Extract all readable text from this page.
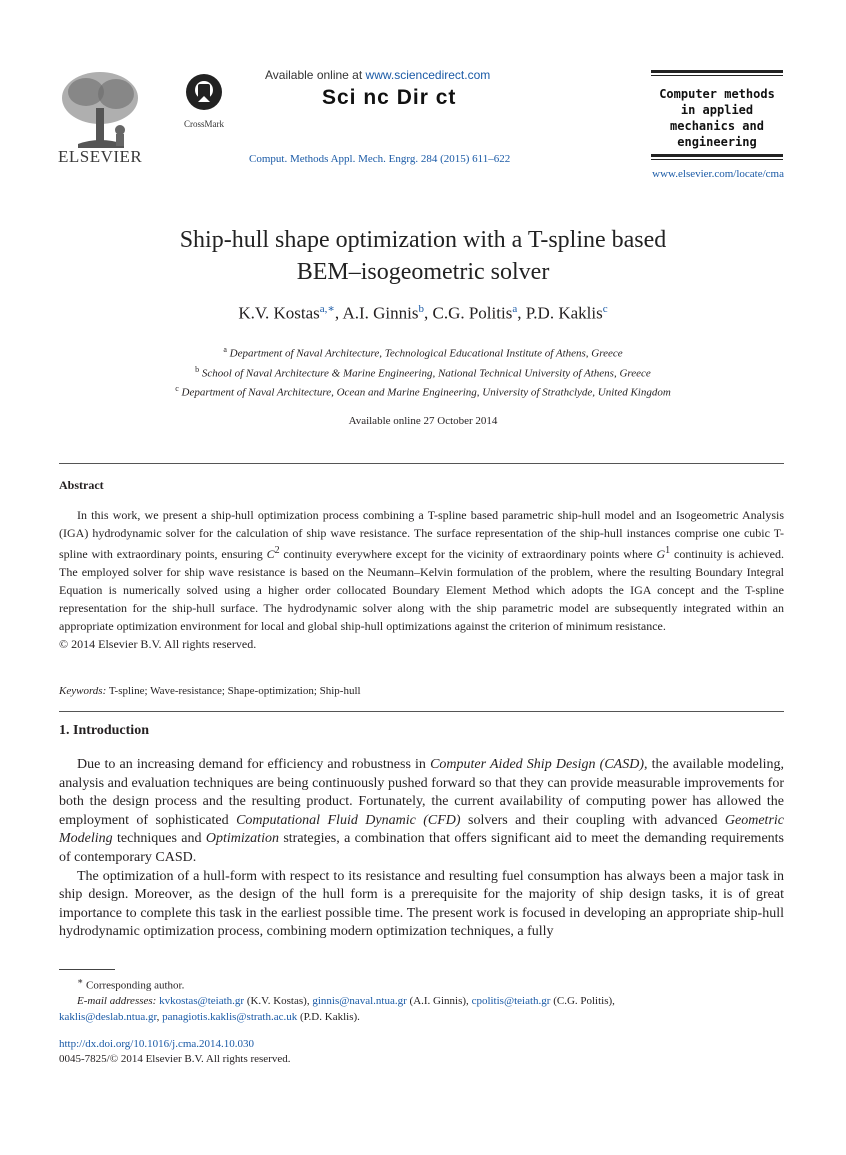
ELSEVIER
CrossMark
Available online at www.sciencedirect.com
Sci nc Dir ct
Comput. Methods Appl. Mech. Engrg. 284 (2015) 611–622
Computer methods
in applied
mechanics and
engineering
www.elsevier.com/locate/cma
Ship-hull shape optimization with a T-spline based
BEM–isogeometric solver
K.V. Kostas$^{a,∗}$, A.I. Ginnis$^b$, C.G. Politis$^a$, P.D. Kaklis$^c$
$^a$ Department of Naval Architecture, Technological Educational Institute of Athens, Greece
$^b$ School of Naval Architecture & Marine Engineering, National Technical University of Athens, Greece
$^c$ Department of Naval Architecture, Ocean and Marine Engineering, University of Strathclyde, United Kingdom
Available online 27 October 2014
Abstract

In this work, we present a ship-hull optimization process combining a T-spline based parametric ship-hull model and an Isogeometric Analysis (IGA) hydrodynamic solver for the calculation of ship wave resistance. The surface representation of the ship-hull instances comprise one cubic T-spline with extraordinary points, ensuring $C^2$ continuity everywhere except for the vicinity of extraordinary points where $G^1$ continuity is achieved. The employed solver for ship wave resistance is based on the Neumann–Kelvin formulation of the problem, where the resulting Boundary Integral Equation is numerically solved using a higher order collocated Boundary Element Method which adopts the IGA concept and the T-spline representation for the ship-hull surface. The hydrodynamic solver along with the ship parametric model are subsequently integrated within an appropriate optimization environment for local and global ship-hull optimizations against the criterion of minimum resistance.

© 2014 Elsevier B.V. All rights reserved.

Keywords: T-spline; Wave-resistance; Shape-optimization; Ship-hull
1. Introduction

Due to an increasing demand for efficiency and robustness in Computer Aided Ship Design (CASD), the available modeling, analysis and evaluation techniques are being continuously pushed forward so that they can provide measurable improvements for both the design process and the resulting product. Fortunately, the current availability of computing power has allowed the employment of sophisticated Computational Fluid Dynamic (CFD) solvers and their coupling with advanced Geometric Modeling techniques and Optimization strategies, a combination that offers significant aid to meet the demanding requirements of contemporary CASD.

The optimization of a hull-form with respect to its resistance and resulting fuel consumption has always been a major task in ship design. Moreover, as the design of the hull form is a prerequisite for the majority of ship design tasks, it is of great importance to complete this task in the earliest possible time. The present work is focused in developing an appropriate ship-hull hydrodynamic optimization process, combining modern optimization techniques, a fully

∗ Corresponding author.
E-mail addresses: kvkostas@teiath.gr (K.V. Kostas), ginnis@naval.ntua.gr (A.I. Ginnis), cpolitis@teiath.gr (C.G. Politis),
kaklis@deslab.ntua.gr, panagiotis.kaklis@strath.ac.uk (P.D. Kaklis).
http://dx.doi.org/10.1016/j.cma.2014.10.030
0045-7825/© 2014 Elsevier B.V. All rights reserved.
